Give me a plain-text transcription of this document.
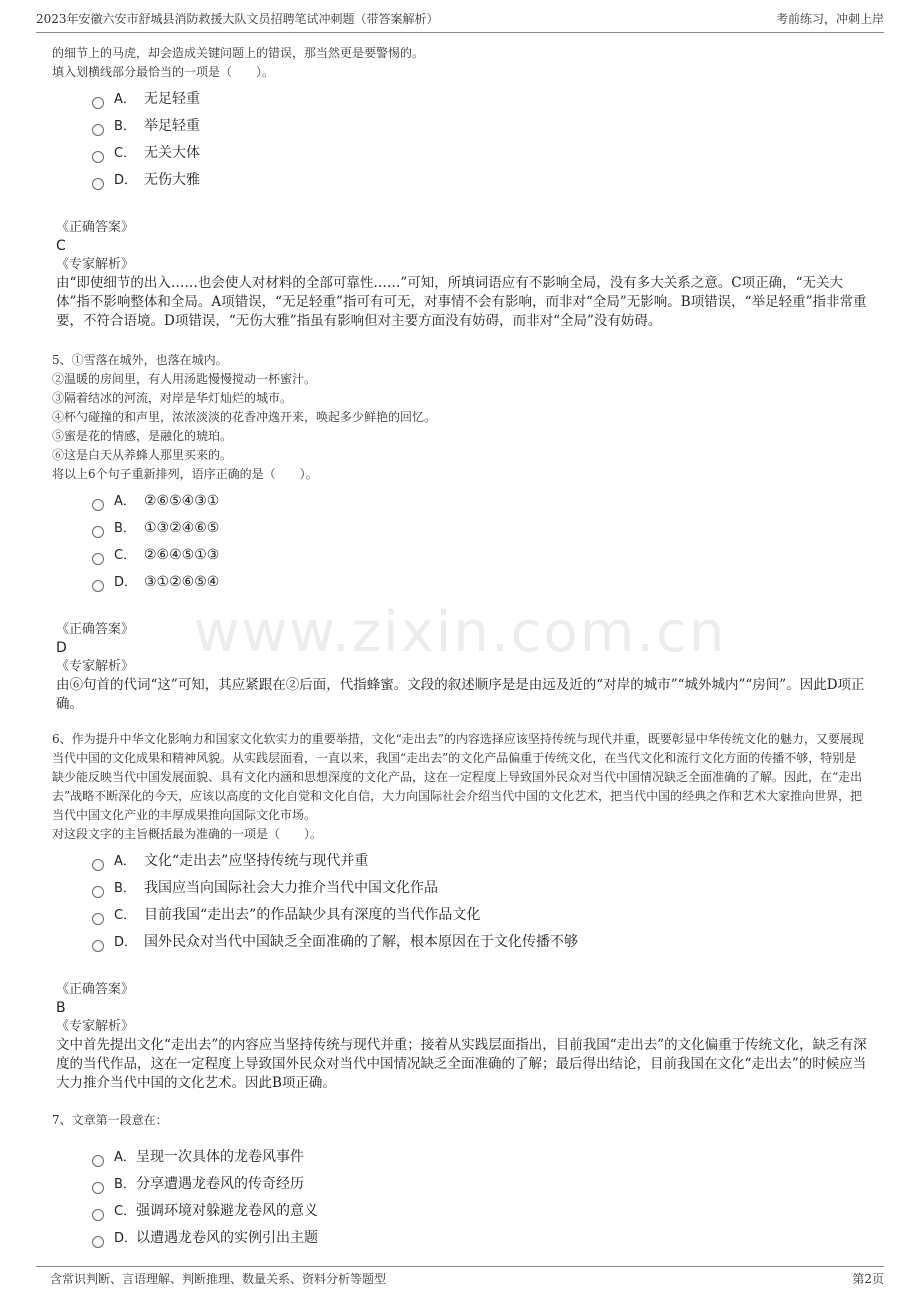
2023年安徽六安市舒城县消防救援大队文员招聘笔试冲刺题（带答案解析）	考前练习，冲刺上岸
www.zixin.com.cn

的细节上的马虎，却会造成关键问题上的错误，那当然更是要警惕的。

填入划横线部分最恰当的一项是（　　）。

A． 无足轻重
B． 举足轻重
C． 无关大体
D． 无伤大雅

《正确答案》

C

《专家解析》

由“即使细节的出入……也会使人对材料的全部可靠性……”可知，所填词语应有不影响全局，没有多大关系之意。C项正确，“无关大体”指不影响整体和全局。A项错误，“无足轻重”指可有可无，对事情不会有影响，而非对“全局”无影响。B项错误，“举足轻重”指非常重要，不符合语境。D项错误，“无伤大雅”指虽有影响但对主要方面没有妨碍，而非对“全局”没有妨碍。

5、①雪落在城外，也落在城内。

②温暖的房间里，有人用汤匙慢慢搅动一杯蜜汁。

③隔着结冰的河流，对岸是华灯灿烂的城市。

④杯勺碰撞的和声里，浓浓淡淡的花香冲逸开来，唤起多少鲜艳的回忆。

⑤蜜是花的情感，是融化的琥珀。

⑥这是白天从养蜂人那里买来的。

将以上6个句子重新排列，语序正确的是（　　）。

A． ②⑥⑤④③①
B． ①③②④⑥⑤
C． ②⑥④⑤①③
D． ③①②⑥⑤④

《正确答案》

D

《专家解析》

由⑥句首的代词“这”可知，其应紧跟在②后面，代指蜂蜜。文段的叙述顺序是是由远及近的“对岸的城市”“城外城内”“房间”。因此D项正确。

6、作为提升中华文化影响力和国家文化软实力的重要举措，文化“走出去”的内容选择应该坚持传统与现代并重，既要彰显中华传统文化的魅力，又要展现当代中国的文化成果和精神风貌。从实践层面看，一直以来，我国“走出去”的文化产品偏重于传统文化，在当代文化和流行文化方面的传播不够，特别是缺少能反映当代中国发展面貌、具有文化内涵和思想深度的文化产品，这在一定程度上导致国外民众对当代中国情况缺乏全面准确的了解。因此，在“走出去”战略不断深化的今天，应该以高度的文化自觉和文化自信，大力向国际社会介绍当代中国的文化艺术，把当代中国的经典之作和艺术大家推向世界，把当代中国文化产业的丰厚成果推向国际文化市场。

对这段文字的主旨概括最为准确的一项是（　　）。

A． 文化“走出去”应坚持传统与现代并重
B． 我国应当向国际社会大力推介当代中国文化作品
C． 目前我国“走出去”的作品缺少具有深度的当代作品文化
D． 国外民众对当代中国缺乏全面准确的了解，根本原因在于文化传播不够

《正确答案》

B

《专家解析》

文中首先提出文化“走出去”的内容应当坚持传统与现代并重；接着从实践层面指出，目前我国“走出去”的文化偏重于传统文化，缺乏有深度的当代作品，这在一定程度上导致国外民众对当代中国情况缺乏全面准确的了解；最后得出结论，目前我国在文化“走出去”的时候应当大力推介当代中国的文化艺术。因此B项正确。

7、文章第一段意在：

A． 呈现一次具体的龙卷风事件
B． 分享遭遇龙卷风的传奇经历
C． 强调环境对躲避龙卷风的意义
D．
以遭遇龙卷风的实例引出主题
含常识判断、言语理解、判断推理、数量关系、资料分析等题型	第2页
